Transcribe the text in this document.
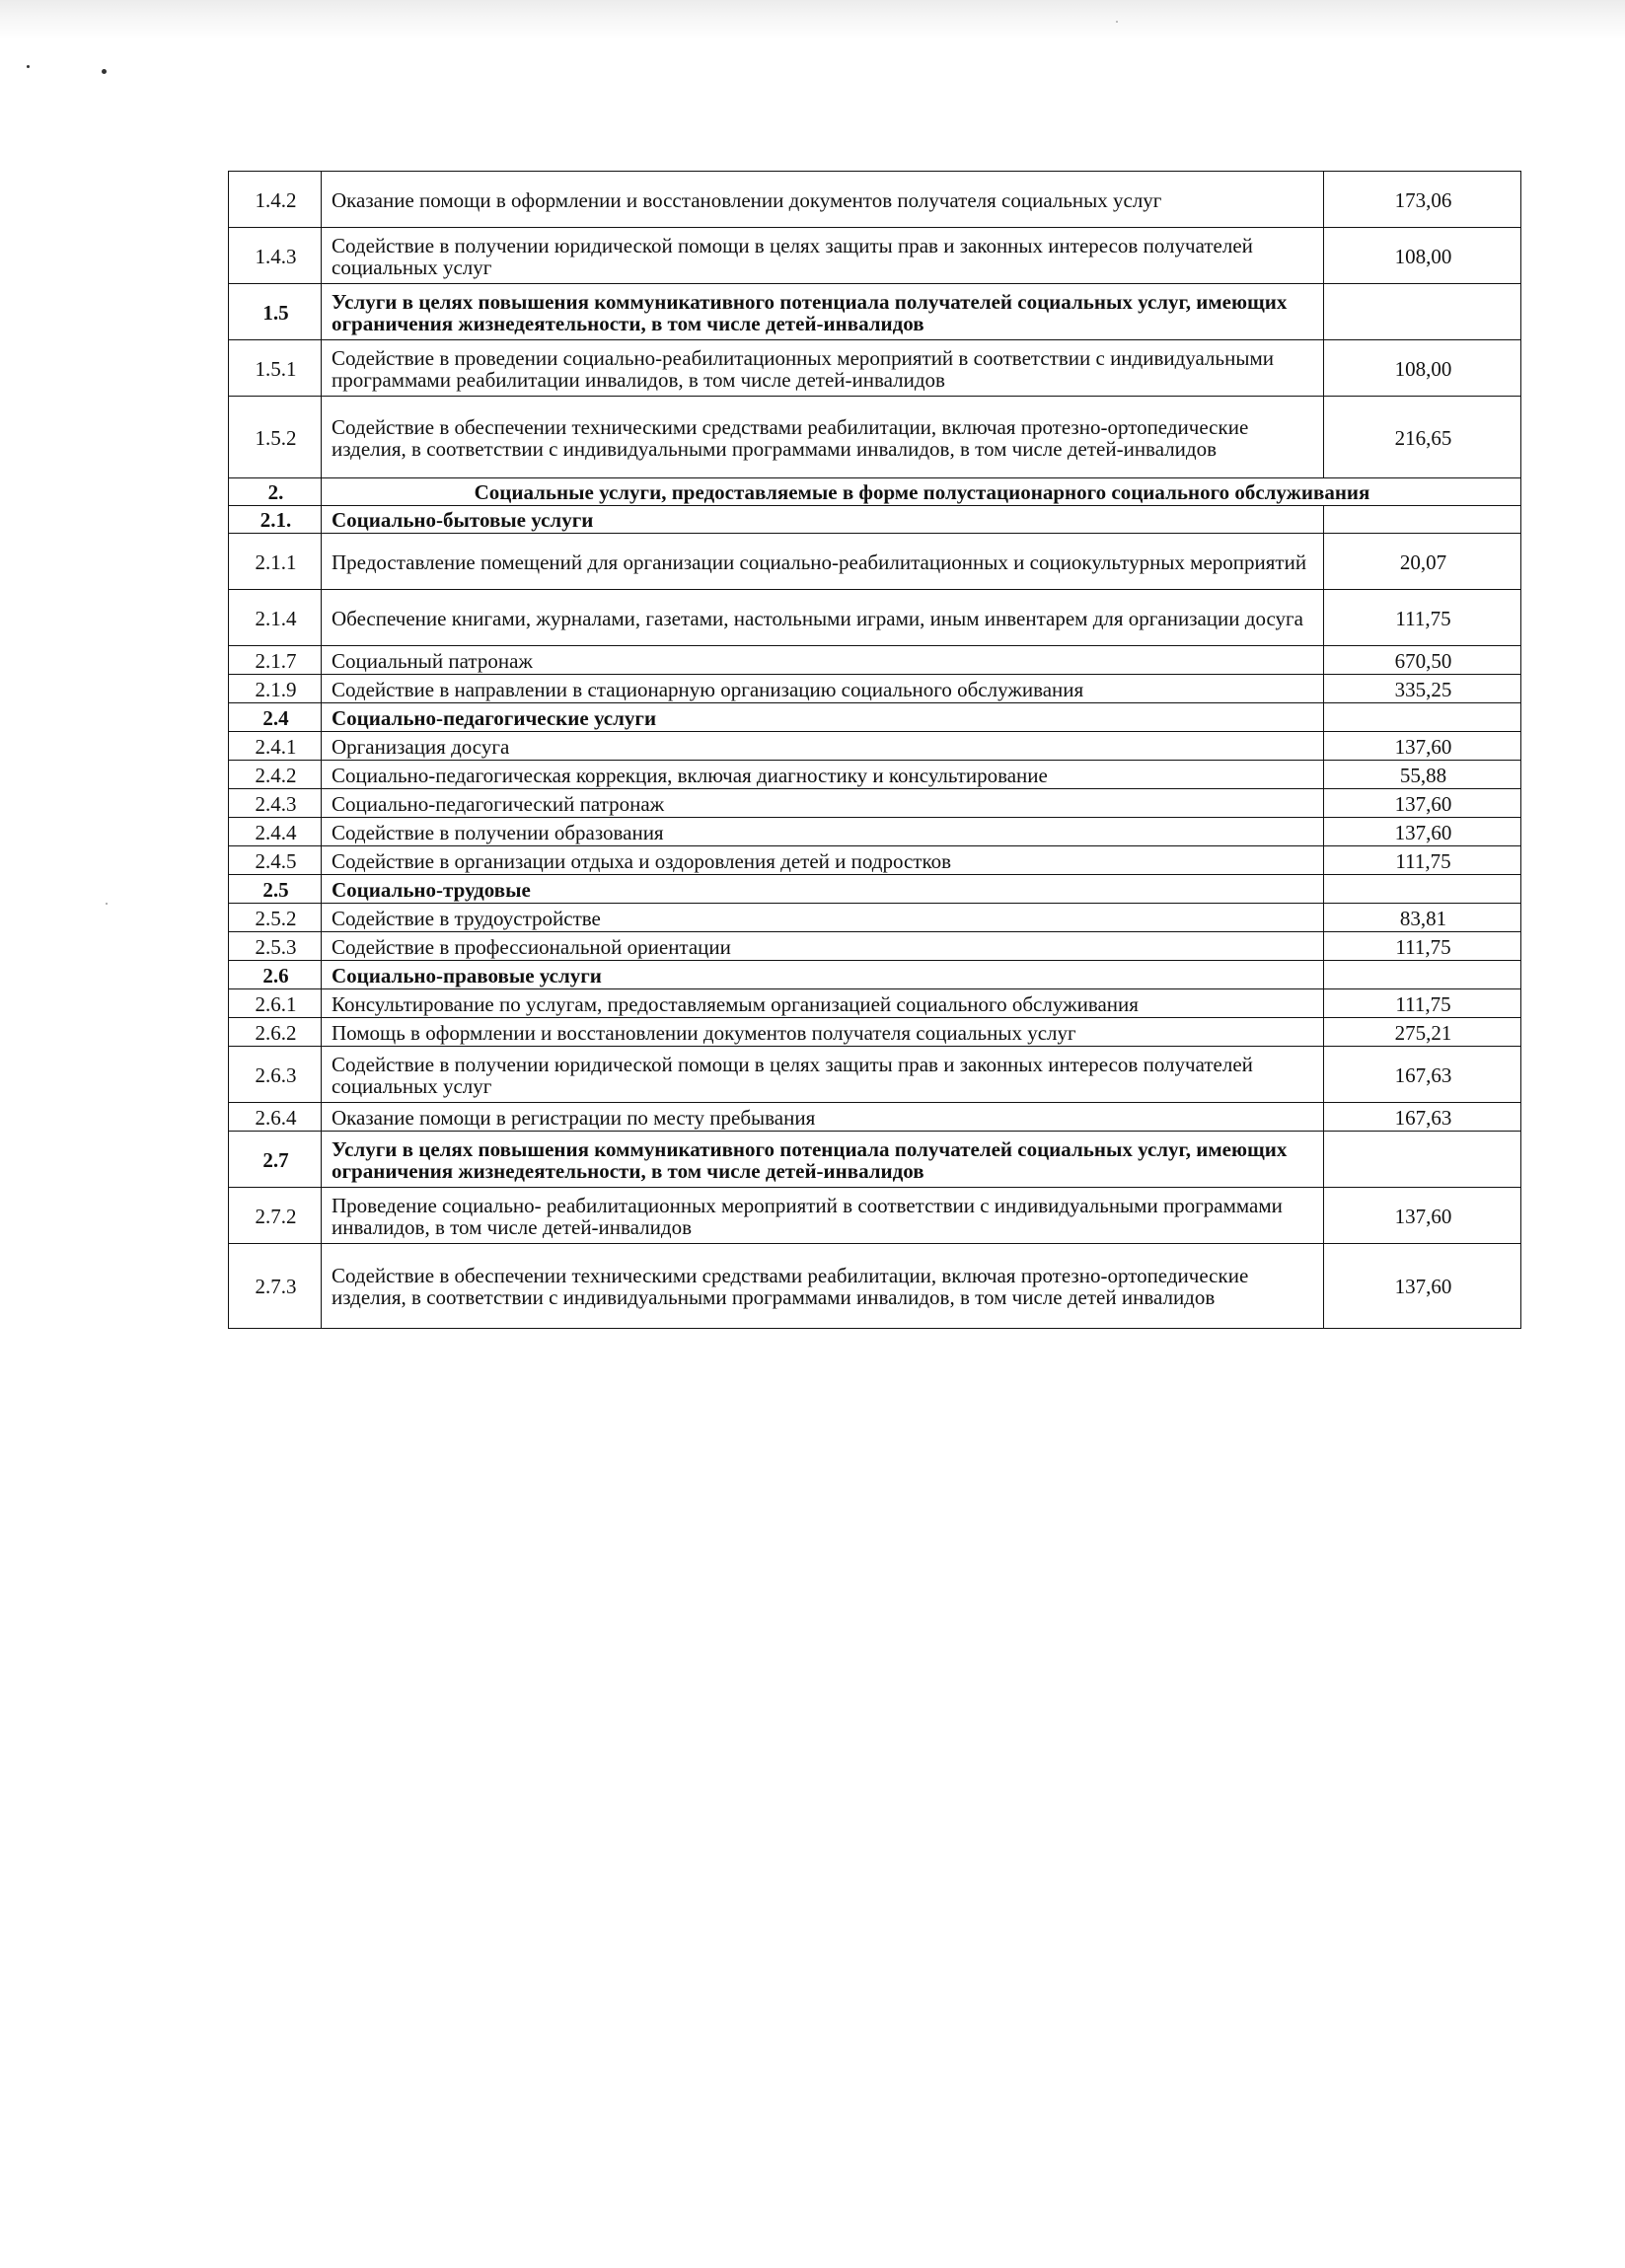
1.4.2	Оказание помощи в оформлении и восстановлении документов получателя социальных услуг	173,06
1.4.3	Содействие в получении юридической помощи в целях защиты прав и законных интересов получателей социальных услуг	108,00
1.5	Услуги в целях повышения коммуникативного потенциала получателей социальных услуг, имеющих ограничения жизнедеятельности, в том числе детей-инвалидов	
1.5.1	Содействие в проведении социально-реабилитационных мероприятий в соответствии с индивидуальными программами реабилитации инвалидов, в том числе детей-инвалидов	108,00
1.5.2	Содействие в обеспечении техническими средствами реабилитации, включая протезно-ортопедические изделия, в соответствии с индивидуальными программами инвалидов, в том числе детей-инвалидов	216,65
2.	Социальные услуги, предоставляемые в форме полустационарного социального обслуживания	
2.1.	Социально-бытовые услуги	
2.1.1	Предоставление помещений для организации социально-реабилитационных и социокультурных мероприятий	20,07
2.1.4	Обеспечение книгами, журналами, газетами, настольными играми, иным инвентарем для организации досуга	111,75
2.1.7	Социальный патронаж	670,50
2.1.9	Содействие в направлении в стационарную организацию социального обслуживания	335,25
2.4	Социально-педагогические услуги	
2.4.1	Организация досуга	137,60
2.4.2	Социально-педагогическая коррекция, включая диагностику и консультирование	55,88
2.4.3	Социально-педагогический патронаж	137,60
2.4.4	Содействие в получении образования	137,60
2.4.5	Содействие в организации отдыха и оздоровления детей и подростков	111,75
2.5	Социально-трудовые	
2.5.2	Содействие в трудоустройстве	83,81
2.5.3	Содействие в профессиональной ориентации	111,75
2.6	Социально-правовые услуги	
2.6.1	Консультирование по услугам, предоставляемым организацией социального обслуживания	111,75
2.6.2	Помощь в оформлении и восстановлении документов получателя социальных услуг	275,21
2.6.3	Содействие в получении юридической помощи в целях защиты прав и законных интересов получателей социальных услуг	167,63
2.6.4	Оказание помощи в регистрации по месту пребывания	167,63
2.7	Услуги в целях повышения коммуникативного потенциала получателей социальных услуг, имеющих ограничения жизнедеятельности, в том числе детей-инвалидов	
2.7.2	Проведение социально- реабилитационных мероприятий в соответствии с индивидуальными программами инвалидов, в том числе детей-инвалидов	137,60
2.7.3	Содействие в обеспечении техническими средствами реабилитации, включая протезно-ортопедические изделия, в соответствии с индивидуальными программами инвалидов, в том числе детей инвалидов	137,60
